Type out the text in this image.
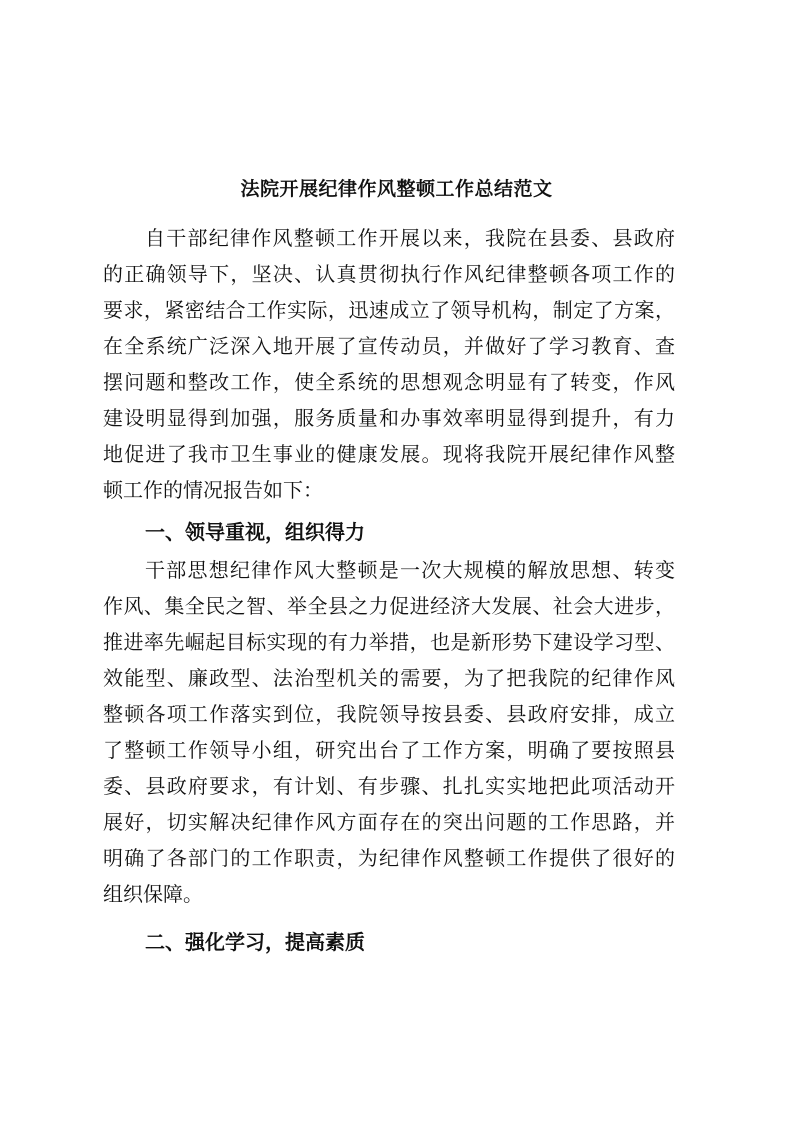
法院开展纪律作风整顿工作总结范文

自干部纪律作风整顿工作开展以来，我院在县委、县政府

的正确领导下，坚决、认真贯彻执行作风纪律整顿各项工作的

要求，紧密结合工作实际，迅速成立了领导机构，制定了方案，

在全系统广泛深入地开展了宣传动员，并做好了学习教育、查

摆问题和整改工作，使全系统的思想观念明显有了转变，作风

建设明显得到加强，服务质量和办事效率明显得到提升，有力

地促进了我市卫生事业的健康发展。现将我院开展纪律作风整

顿工作的情况报告如下：

一、领导重视，组织得力

干部思想纪律作风大整顿是一次大规模的解放思想、转变

作风、集全民之智、举全县之力促进经济大发展、社会大进步，

推进率先崛起目标实现的有力举措，也是新形势下建设学习型、

效能型、廉政型、法治型机关的需要，为了把我院的纪律作风

整顿各项工作落实到位，我院领导按县委、县政府安排，成立

了整顿工作领导小组，研究出台了工作方案，明确了要按照县

委、县政府要求，有计划、有步骤、扎扎实实地把此项活动开

展好，切实解决纪律作风方面存在的突出问题的工作思路，并

明确了各部门的工作职责，为纪律作风整顿工作提供了很好的

组织保障。

二、强化学习，提高素质
